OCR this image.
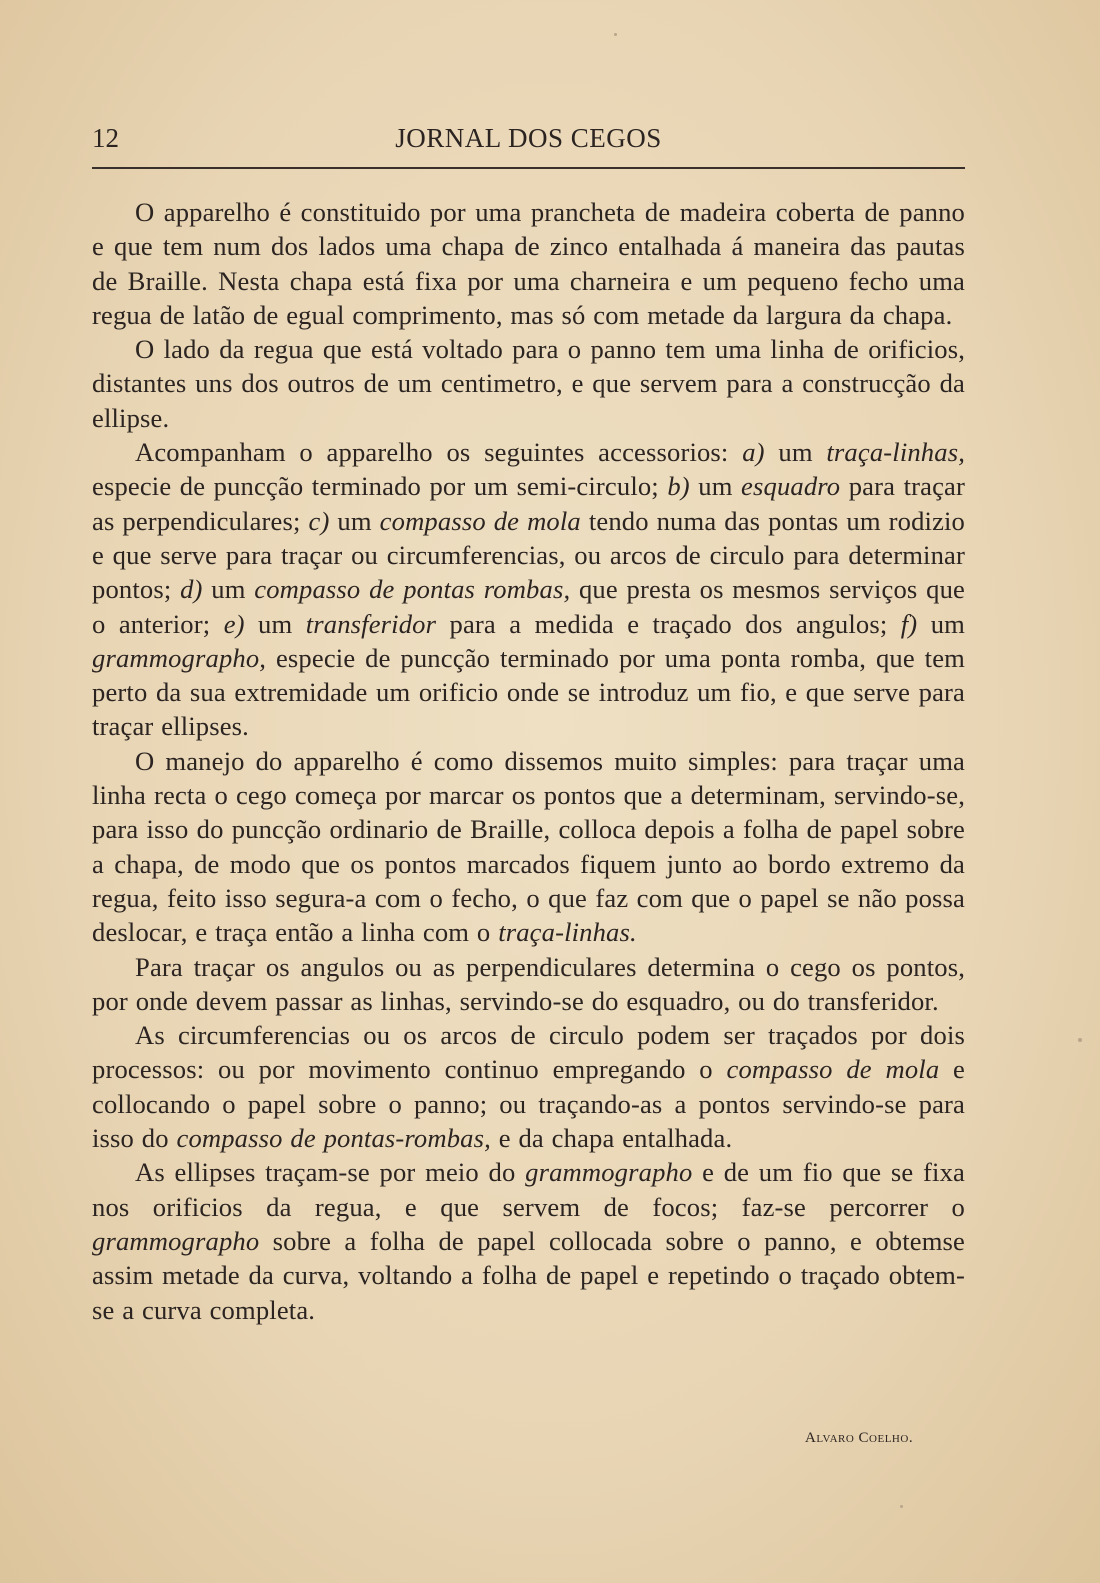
12	JORNAL DOS CEGOS

O apparelho é constituido por uma prancheta de madeira coberta de panno e que tem num dos lados uma chapa de zinco entalhada á maneira das pautas de Braille. Nesta chapa está fixa por uma charneira e um pequeno fecho uma regua de latão de egual comprimento, mas só com metade da largura da chapa.

O lado da regua que está voltado para o panno tem uma linha de orificios, distantes uns dos outros de um centimetro, e que servem para a construcção da ellipse.

Acompanham o apparelho os seguintes accessorios: a) um traça-linhas, especie de puncção terminado por um semi-circulo; b) um esquadro para traçar as perpendiculares; c) um compasso de mola tendo numa das pontas um rodizio e que serve para traçar ou circumferencias, ou arcos de circulo para determinar pontos; d) um compasso de pontas rombas, que presta os mesmos serviços que o anterior; e) um transferidor para a medida e traçado dos angulos; f) um grammographo, especie de puncção terminado por uma ponta romba, que tem perto da sua extremidade um orificio onde se introduz um fio, e que serve para traçar ellipses.

O manejo do apparelho é como dissemos muito simples: para traçar uma linha recta o cego começa por marcar os pontos que a determinam, servindo-se, para isso do puncção ordinario de Braille, colloca depois a folha de papel sobre a chapa, de modo que os pontos marcados fiquem junto ao bordo extremo da regua, feito isso segura-a com o fecho, o que faz com que o papel se não possa deslocar, e traça então a linha com o traça-linhas.

Para traçar os angulos ou as perpendiculares determina o cego os pontos, por onde devem passar as linhas, servindo-se do esquadro, ou do transferidor.

As circumferencias ou os arcos de circulo podem ser traçados por dois processos: ou por movimento continuo empregando o compasso de mola e collocando o papel sobre o panno; ou traçando-as a pontos servindo-se para isso do compasso de pontas-rombas, e da chapa entalhada.

As ellipses traçam-se por meio do grammographo e de um fio que se fixa nos orificios da regua, e que servem de focos; faz-se percorrer o grammographo sobre a folha de papel collocada sobre o panno, e obtemse assim metade da curva, voltando a folha de papel e repetindo o traçado obtem-se a curva completa.

Alvaro Coelho.
